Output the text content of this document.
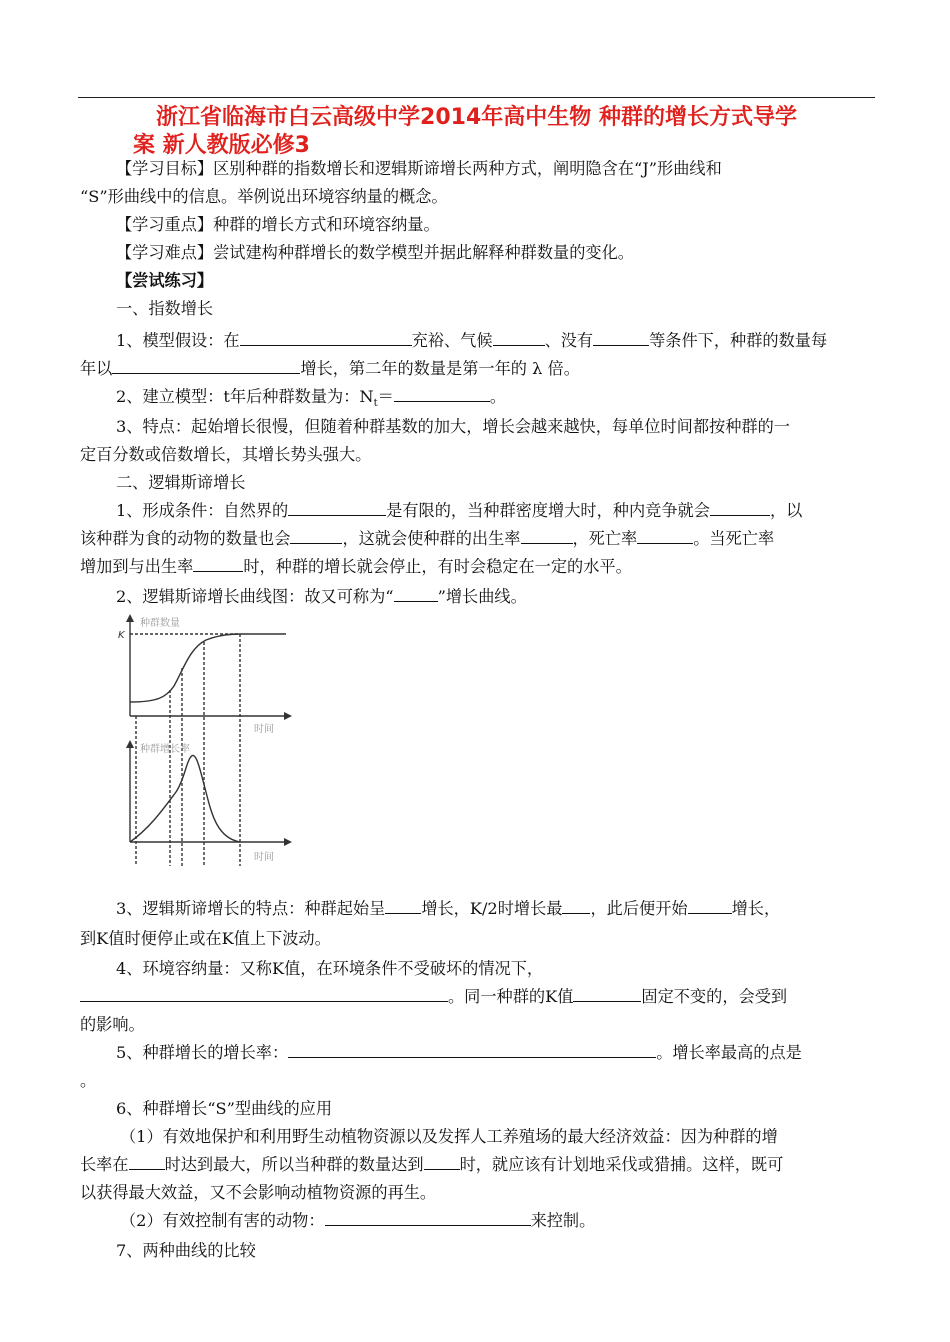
浙江省临海市白云高级中学2014年高中生物 种群的增长方式导学
案 新人教版必修3
【学习目标】区别种群的指数增长和逻辑斯谛增长两种方式，阐明隐含在“J”形曲线和
“S”形曲线中的信息。举例说出环境容纳量的概念。
【学习重点】种群的增长方式和环境容纳量。
【学习难点】尝试建构种群增长的数学模型并据此解释种群数量的变化。
【尝试练习】
一、指数增长
1、模型假设：在	充裕、气候	、没有	等条件下，种群的数量每
年以	增长，第二年的数量是第一年的 λ 倍。
2、建立模型：t年后种群数量为：$N_t=$	。
3、特点：起始增长很慢，但随着种群基数的加大，增长会越来越快，每单位时间都按种群的一
定百分数或倍数增长，其增长势头强大。
二、逻辑斯谛增长
1、形成条件：自然界的	是有限的，当种群密度增大时，种内竞争就会	，以
该种群为食的动物的数量也会	，这就会使种群的出生率	，死亡率	。当死亡率
增加到与出生率	时，种群的增长就会停止，有时会稳定在一定的水平。
2、逻辑斯谛增长曲线图：故又可称为“	”增长曲线。
种群数量
K
时间
种群增长率
时间
3、逻辑斯谛增长的特点：种群起始呈 增长，K/2时增长最 ，此后便开始	增长，
到K值时便停止或在K值上下波动。
4、环境容纳量：又称K值，在环境条件不受破坏的情况下，
。同一种群的K值	固定不变的，会受到
的影响。
5、种群增长的增长率：	。增长率最高的点是
。
6、种群增长“S”型曲线的应用
（1）有效地保护和利用野生动植物资源以及发挥人工养殖场的最大经济效益：因为种群的增
长率在 时达到最大，所以当种群的数量达到 时，就应该有计划地采伐或猎捕。这样，既可
以获得最大效益，又不会影响动植物资源的再生。
（2）有效控制有害的动物：	来控制。
7、两种曲线的比较
